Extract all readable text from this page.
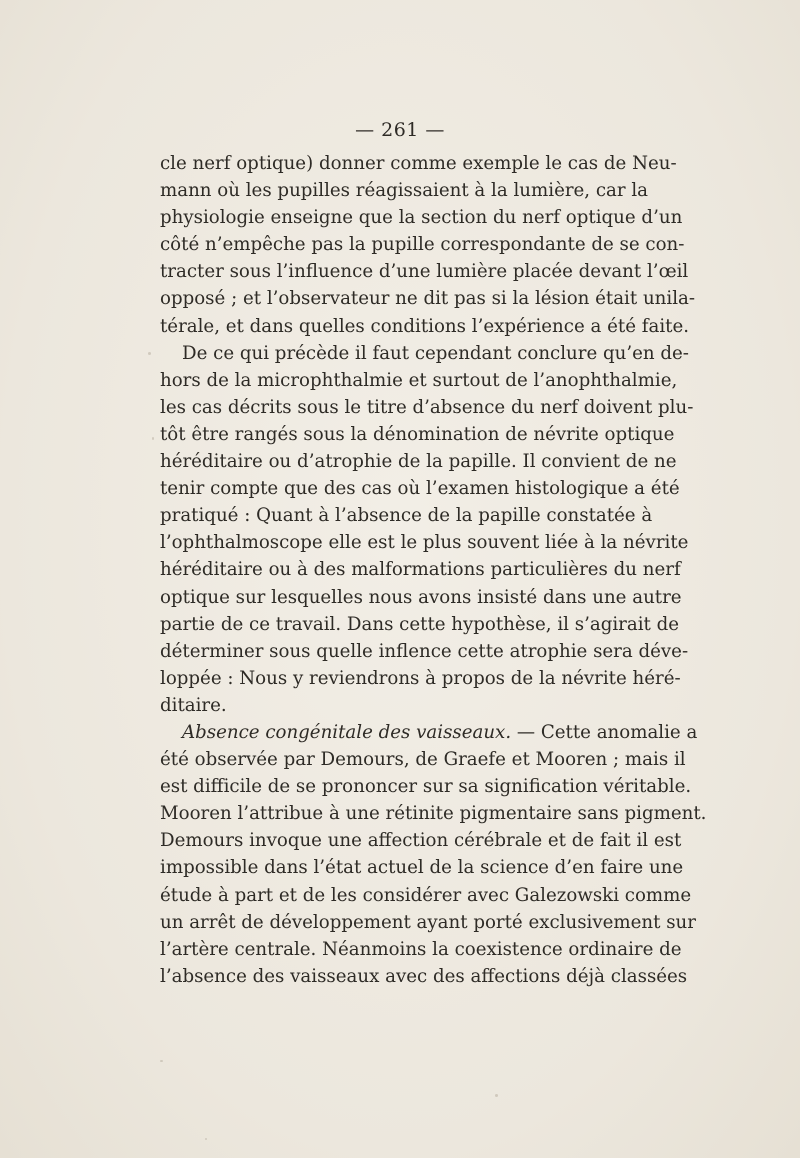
— 261 —
cle nerf optique) donner comme exemple le cas de Neu-
mann où les pupilles réagissaient à la lumière, car la
physiologie enseigne que la section du nerf optique d’un
côté n’empêche pas la pupille correspondante de se con-
tracter sous l’influence d’une lumière placée devant l’œil
opposé ; et l’observateur ne dit pas si la lésion était unila-
térale, et dans quelles conditions l’expérience a été faite.
De ce qui précède il faut cependant conclure qu’en de-
hors de la microphthalmie et surtout de l’anophthalmie,
les cas décrits sous le titre d’absence du nerf doivent plu-
tôt être rangés sous la dénomination de névrite optique
héréditaire ou d’atrophie de la papille. Il convient de ne
tenir compte que des cas où l’examen histologique a été
pratiqué : Quant à l’absence de la papille constatée à
l’ophthalmoscope elle est le plus souvent liée à la névrite
héréditaire ou à des malformations particulières du nerf
optique sur lesquelles nous avons insisté dans une autre
partie de ce travail. Dans cette hypothèse, il s’agirait de
déterminer sous quelle inflence cette atrophie sera déve-
loppée : Nous y reviendrons à propos de la névrite héré-
ditaire.
Absence congénitale des vaisseaux. — Cette anomalie a
été observée par Demours, de Graefe et Mooren ; mais il
est difficile de se prononcer sur sa signification véritable.
Mooren l’attribue à une rétinite pigmentaire sans pigment.
Demours invoque une affection cérébrale et de fait il est
impossible dans l’état actuel de la science d’en faire une
étude à part et de les considérer avec Galezowski comme
un arrêt de développement ayant porté exclusivement sur
l’artère centrale. Néanmoins la coexistence ordinaire de
l’absence des vaisseaux avec des affections déjà classées
